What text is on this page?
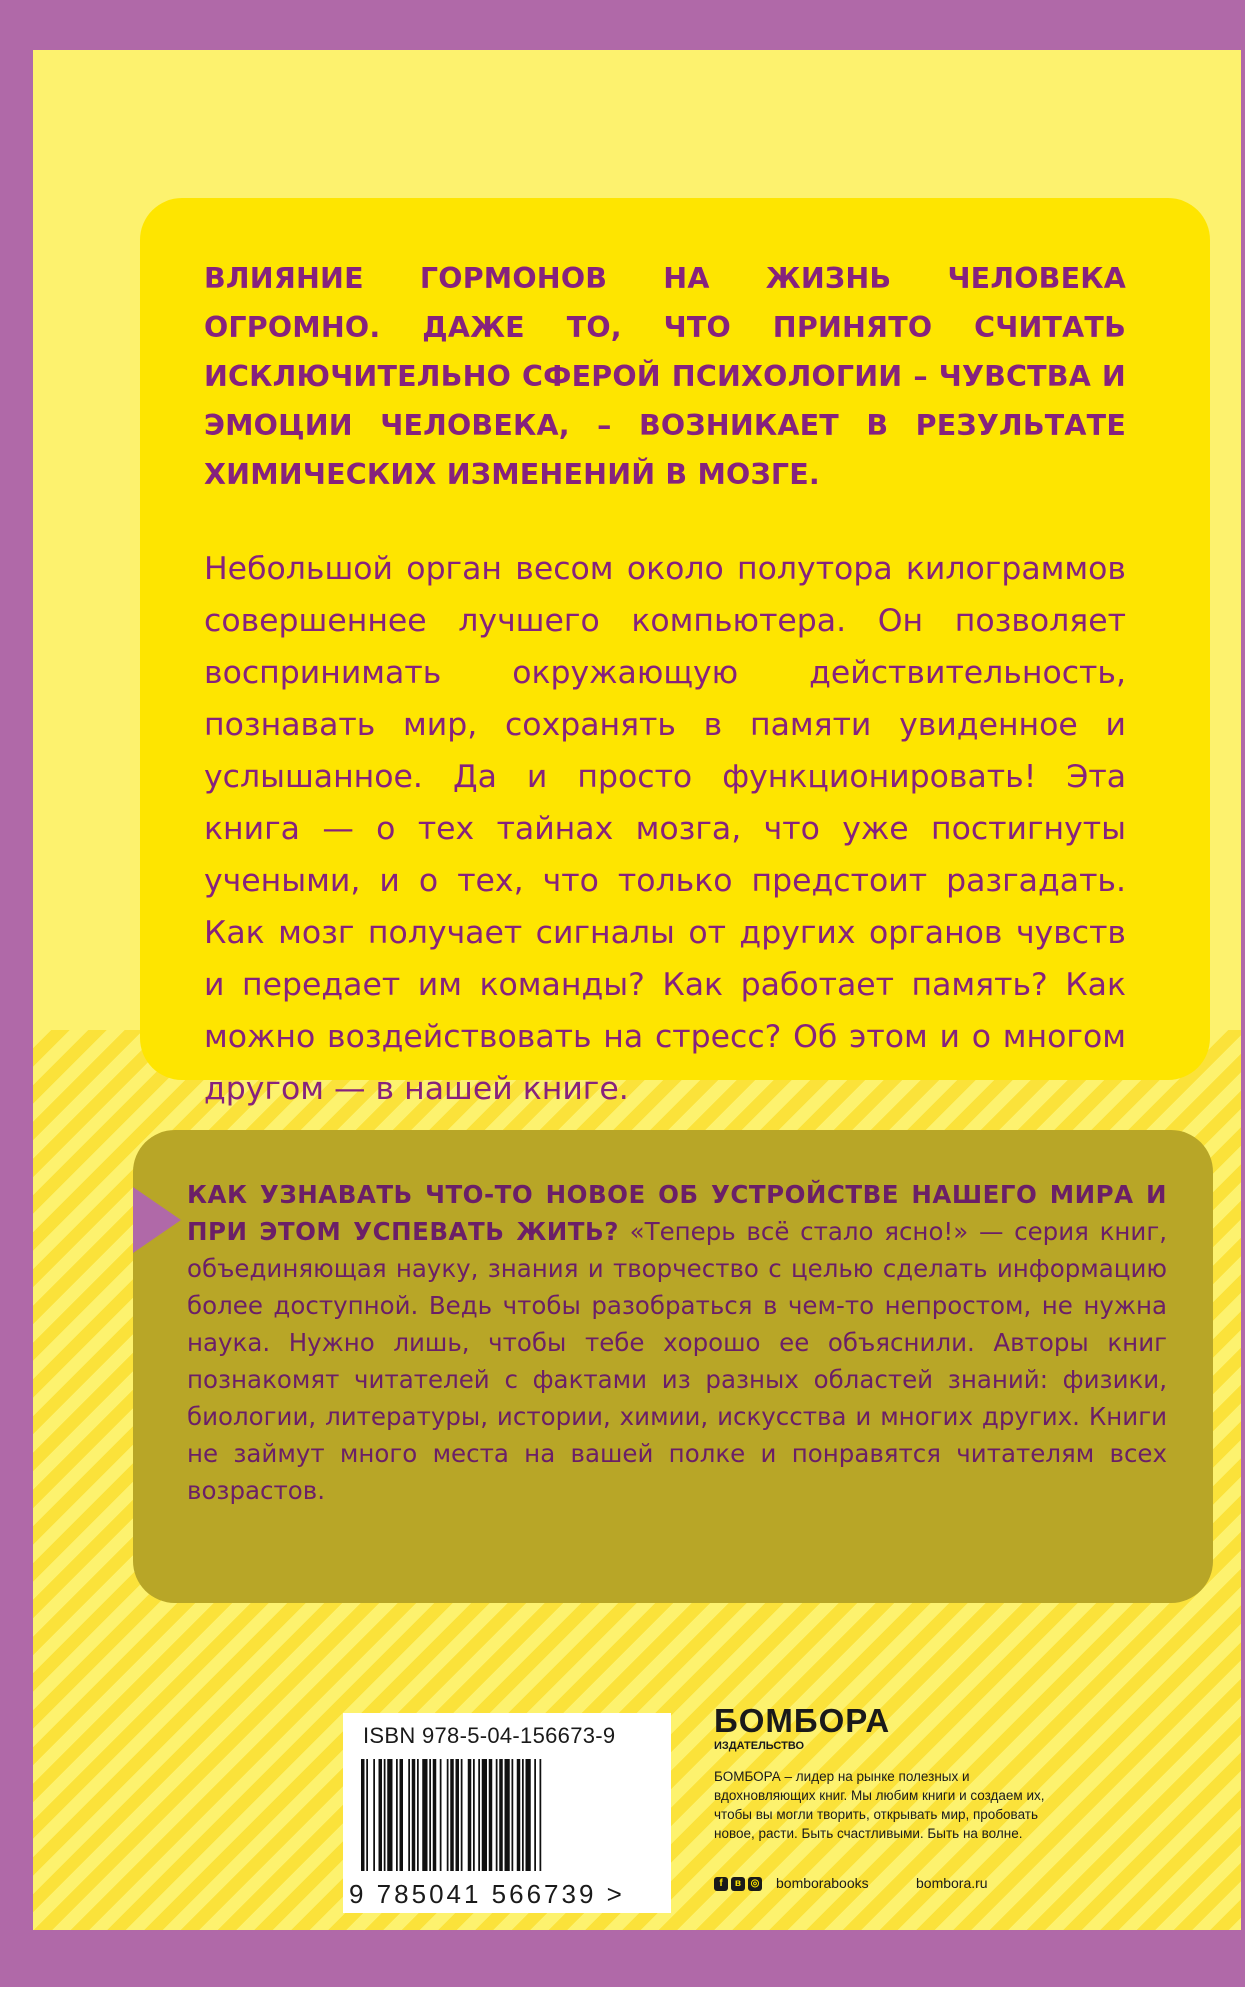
ВЛИЯНИЕ ГОРМОНОВ НА ЖИЗНЬ ЧЕЛОВЕКА ОГРОМНО. ДАЖЕ ТО, ЧТО ПРИНЯТО СЧИТАТЬ ИСКЛЮЧИТЕЛЬНО СФЕРОЙ ПСИХОЛОГИИ – ЧУВСТВА И ЭМОЦИИ ЧЕЛОВЕКА, – ВОЗНИКАЕТ В РЕЗУЛЬТАТЕ ХИМИЧЕСКИХ ИЗМЕНЕНИЙ В МОЗГЕ.

Небольшой орган весом около полутора килограммов совершеннее лучшего компьютера. Он позволяет воспринимать окружающую действительность, познавать мир, сохранять в памяти увиденное и услышанное. Да и просто функционировать! Эта книга — о тех тайнах мозга, что уже постигнуты учеными, и о тех, что только предстоит разгадать. Как мозг получает сигналы от других органов чувств и передает им команды? Как работает память? Как можно воздействовать на стресс? Об этом и о многом другом — в нашей книге.

КАК УЗНАВАТЬ ЧТО-ТО НОВОЕ ОБ УСТРОЙСТВЕ НАШЕГО МИРА И ПРИ ЭТОМ УСПЕВАТЬ ЖИТЬ? «Теперь всё стало ясно!» — серия книг, объединяющая науку, знания и творчество с целью сделать информацию более доступной. Ведь чтобы разобраться в чем-то непростом, не нужна наука. Нужно лишь, чтобы тебе хорошо ее объяснили. Авторы книг познакомят читателей с фактами из разных областей знаний: физики, биологии, литературы, истории, химии, искусства и многих других. Книги не займут много места на вашей полке и понравятся читателям всех возрастов.
ISBN 978-5-04-156673-9
9 785041 566739 >

БОМБОРА

ИЗДАТЕЛЬСТВО

БОМБОРА – лидер на рынке полезных и вдохновляющих книг. Мы любим книги и создаем их, чтобы вы могли творить, открывать мир, пробовать новое, расти. Быть счастливыми. Быть на волне.

f в ◎ bomborabooks	bombora.ru
